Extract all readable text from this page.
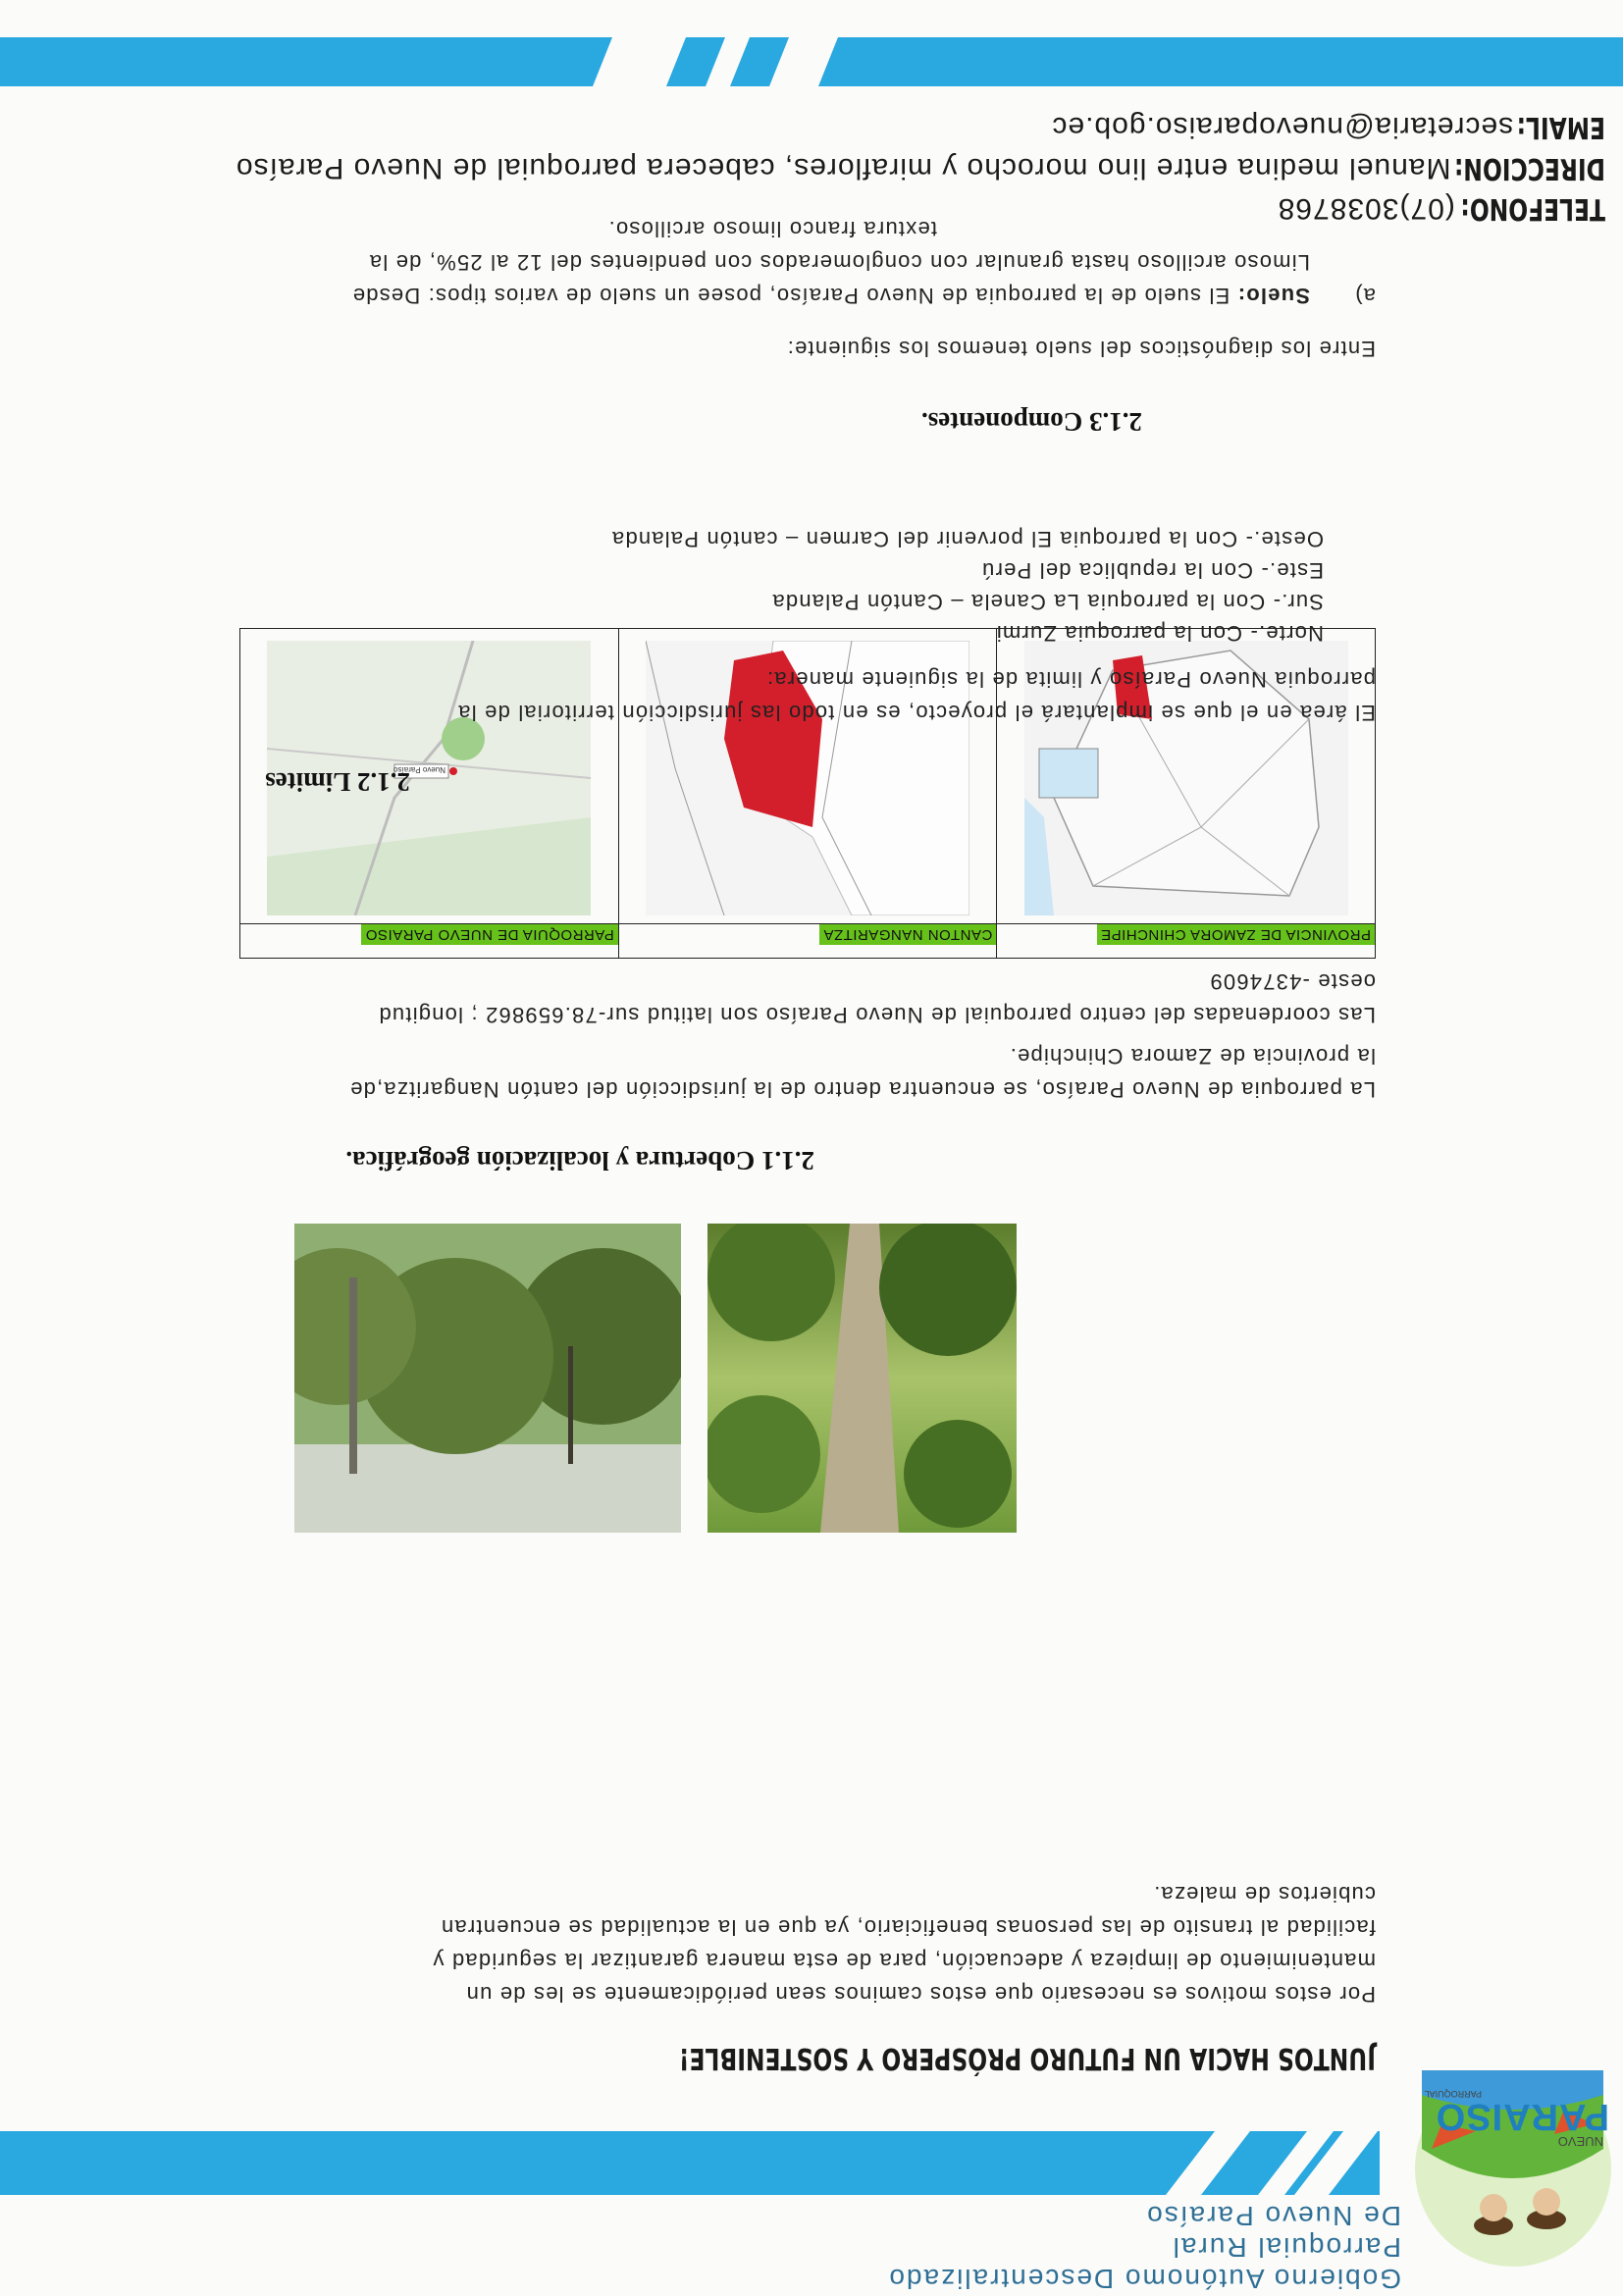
NUEVO
PARAISO
PARROQUIAL
Gobierno Autónomo Descentralizado
Parroquial Rural
De Nuevo Paraíso
JUNTOS HACIA UN FUTURO PRÓSPERO Y SOSTENIBLE!
Por estos motivos es necesario que estos caminos sean periódicamente se les de un
mantenimiento de limpieza y adecuación, para de esta manera garantizar la seguridad y
facilidad al transito de las personas beneficiario, ya que en la actualidad se encuentran
cubiertos de maleza.
2.1.1 Cobertura y localización geográfica.
La parroquia de Nuevo Paraíso, se encuentra dentro de la jurisdicción del cantón Nangaritza,de
la provincia de Zamora Chinchipe.
Las coordenadas del centro parroquial de Nuevo Paraíso son latitud sur-78.659862 ; longitud
oeste -4374609
PROVINCIA DE ZAMORA CHINCHIPE	CANTON NANGARITZA	PARROQUIA DE NUEVO PARAISO

Nuevo Paraíso
2.1.2 Limites
El área en el que se implantará el proyecto, es en todo las jurisdicción territorial de la
parroquia Nuevo Paraíso y limita de la siguiente manera:
Norte.- Con la parroquia Zurmi
Sur.- Con la parroquia La Canela – Cantón Palanda
Este.- Con la republica del Perú
Oeste.- Con la parroquia El porvenir del Carmen – cantón Palanda
2.1.3 Componentes.
Entre los diagnósticos del suelo tenemos los siguiente:
a)
Suelo: El suelo de la parroquia de Nuevo Paraíso, posee un suelo de varios tipos: Desde
Limoso arcilloso hasta granular con conglomerados con pendientes del 12 al 25%, de la
textura franco limoso arcilloso.
TELEFONO:(07)3038768
DIRECCION:Manuel medina entre lino morocho y miraflores, cabecera parroquial de Nuevo Paraíso
EMAIL:secretaria@nuevoparaiso.gob.ec
